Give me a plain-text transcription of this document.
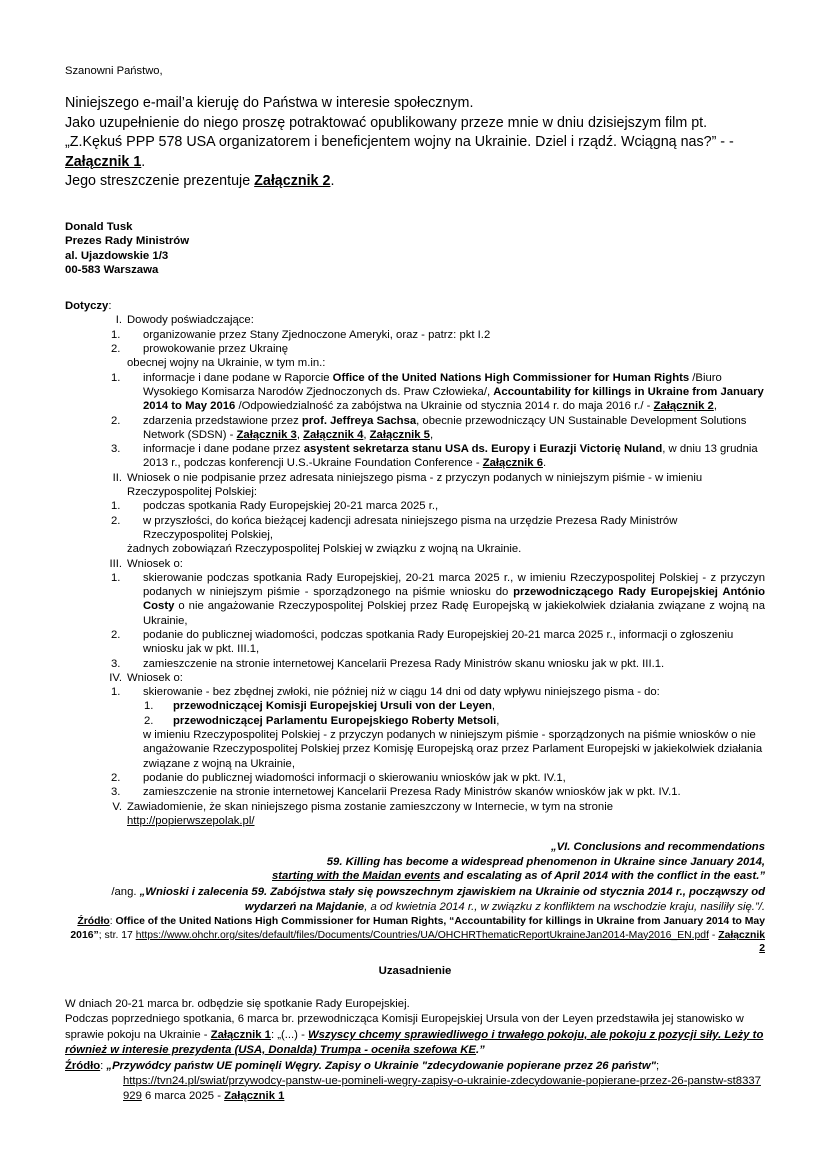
Szanowni Państwo,
Niniejszego e-mail’a kieruję do Państwa w interesie społecznym.
Jako uzupełnienie do niego proszę potraktować opublikowany przeze mnie w dniu dzisiejszym film pt. „Z.Kękuś PPP 578 USA organizatorem i beneficjentem wojny na Ukrainie. Dziel i rządź. Wciągną nas?” - - Załącznik 1.
Jego streszczenie prezentuje Załącznik 2.
Donald Tusk
Prezes Rady Ministrów
al. Ujazdowskie 1/3
00-583 Warszawa
Dotyczy:
I. Dowody poświadczające:
1.	organizowanie przez Stany Zjednoczone Ameryki, oraz - patrz: pkt I.2
2.	prowokowanie przez Ukrainę
obecnej wojny na Ukrainie, w tym m.in.:
1.	informacje i dane podane w Raporcie Office of the United Nations High Commissioner for Human Rights /Biuro Wysokiego Komisarza Narodów Zjednoczonych ds. Praw Człowieka/, Accountability for killings in Ukraine from January 2014 to May 2016 /Odpowiedzialność za zabójstwa na Ukrainie od stycznia 2014 r. do maja 2016 r./ - Załącznik 2,
2.	zdarzenia przedstawione przez prof. Jeffreya Sachsa, obecnie przewodniczący UN Sustainable Development Solutions Network (SDSN) - Załącznik 3, Załącznik 4, Załącznik 5,
3.	informacje i dane podane przez asystent sekretarza stanu USA ds. Europy i Eurazji Victorię Nuland, w dniu 13 grudnia 2013 r., podczas konferencji U.S.-Ukraine Foundation Conference - Załącznik 6.
II. Wniosek o nie podpisanie przez adresata niniejszego pisma - z przyczyn podanych w niniejszym piśmie - w imieniu Rzeczypospolitej Polskiej:
1.	podczas spotkania Rady Europejskiej 20-21 marca 2025 r.,
2.	w przyszłości, do końca bieżącej kadencji adresata niniejszego pisma na urzędzie Prezesa Rady Ministrów Rzeczypospolitej Polskiej,
żadnych zobowiązań Rzeczypospolitej Polskiej w związku z wojną na Ukrainie.
III. Wniosek o:
1.	skierowanie podczas spotkania Rady Europejskiej, 20-21 marca 2025 r., w imieniu Rzeczypospolitej Polskiej - z przyczyn podanych w niniejszym piśmie - sporządzonego na piśmie wniosku do przewodniczącego Rady Europejskiej António Costy o nie angażowanie Rzeczypospolitej Polskiej przez Radę Europejską w jakiekolwiek działania związane z wojną na Ukrainie,
2.	podanie do publicznej wiadomości, podczas spotkania Rady Europejskiej 20-21 marca 2025 r., informacji o zgłoszeniu wniosku jak w pkt. III.1,
3.	zamieszczenie na stronie internetowej Kancelarii Prezesa Rady Ministrów skanu wniosku jak w pkt. III.1.
IV. Wniosek o:
1.	skierowanie - bez zbędnej zwłoki, nie później niż w ciągu 14 dni od daty wpływu niniejszego pisma - do:
1.	przewodniczącej Komisji Europejskiej Ursuli von der Leyen,
2.	przewodniczącej Parlamentu Europejskiego Roberty Metsoli,
w imieniu Rzeczypospolitej Polskiej - z przyczyn podanych w niniejszym piśmie - sporządzonych na piśmie wniosków o nie angażowanie Rzeczypospolitej Polskiej przez Komisję Europejską oraz przez Parlament Europejski w jakiekolwiek działania związane z wojną na Ukrainie,
2.	podanie do publicznej wiadomości informacji o skierowaniu wniosków jak w pkt. IV.1,
3.	zamieszczenie na stronie internetowej Kancelarii Prezesa Rady Ministrów skanów wniosków jak w pkt. IV.1.
V. Zawiadomienie, że skan niniejszego pisma zostanie zamieszczony w Internecie, w tym na stronie
http://popierwszepolak.pl/
„VI. Conclusions and recommendations
59. Killing has become a widespread phenomenon in Ukraine since January 2014,
starting with the Maidan events and escalating as of April 2014 with the conflict in the east.”
/ang. „Wnioski i zalecenia 59. Zabójstwa stały się powszechnym zjawiskiem na Ukrainie od stycznia 2014 r., począwszy od wydarzeń na Majdanie, a od kwietnia 2014 r., w związku z konfliktem na wschodzie kraju, nasiliły się.”/.
Źródło: Office of the United Nations High Commissioner for Human Rights, “Accountability for killings in Ukraine from January 2014 to May 2016”; str. 17 https://www.ohchr.org/sites/default/files/Documents/Countries/UA/OHCHRThematicReportUkraineJan2014-May2016_EN.pdf - Załącznik 2
Uzasadnienie
W dniach 20-21 marca br. odbędzie się spotkanie Rady Europejskiej.
Podczas poprzedniego spotkania, 6 marca br. przewodnicząca Komisji Europejskiej Ursula von der Leyen przedstawiła jej stanowisko w sprawie pokoju na Ukrainie - Załącznik 1: „(...) - Wszyscy chcemy sprawiedliwego i trwałego pokoju, ale pokoju z pozycji siły. Leży to również w interesie prezydenta (USA, Donalda) Trumpa - oceniła szefowa KE.”
Źródło: „Przywódcy państw UE pominęli Węgry. Zapisy o Ukrainie "zdecydowanie popierane przez 26 państw";
https://tvn24.pl/swiat/przywodcy-panstw-ue-pomineli-wegry-zapisy-o-ukrainie-zdecydowanie-popierane-przez-26-panstw-st8337929 6 marca 2025 - Załącznik 1
